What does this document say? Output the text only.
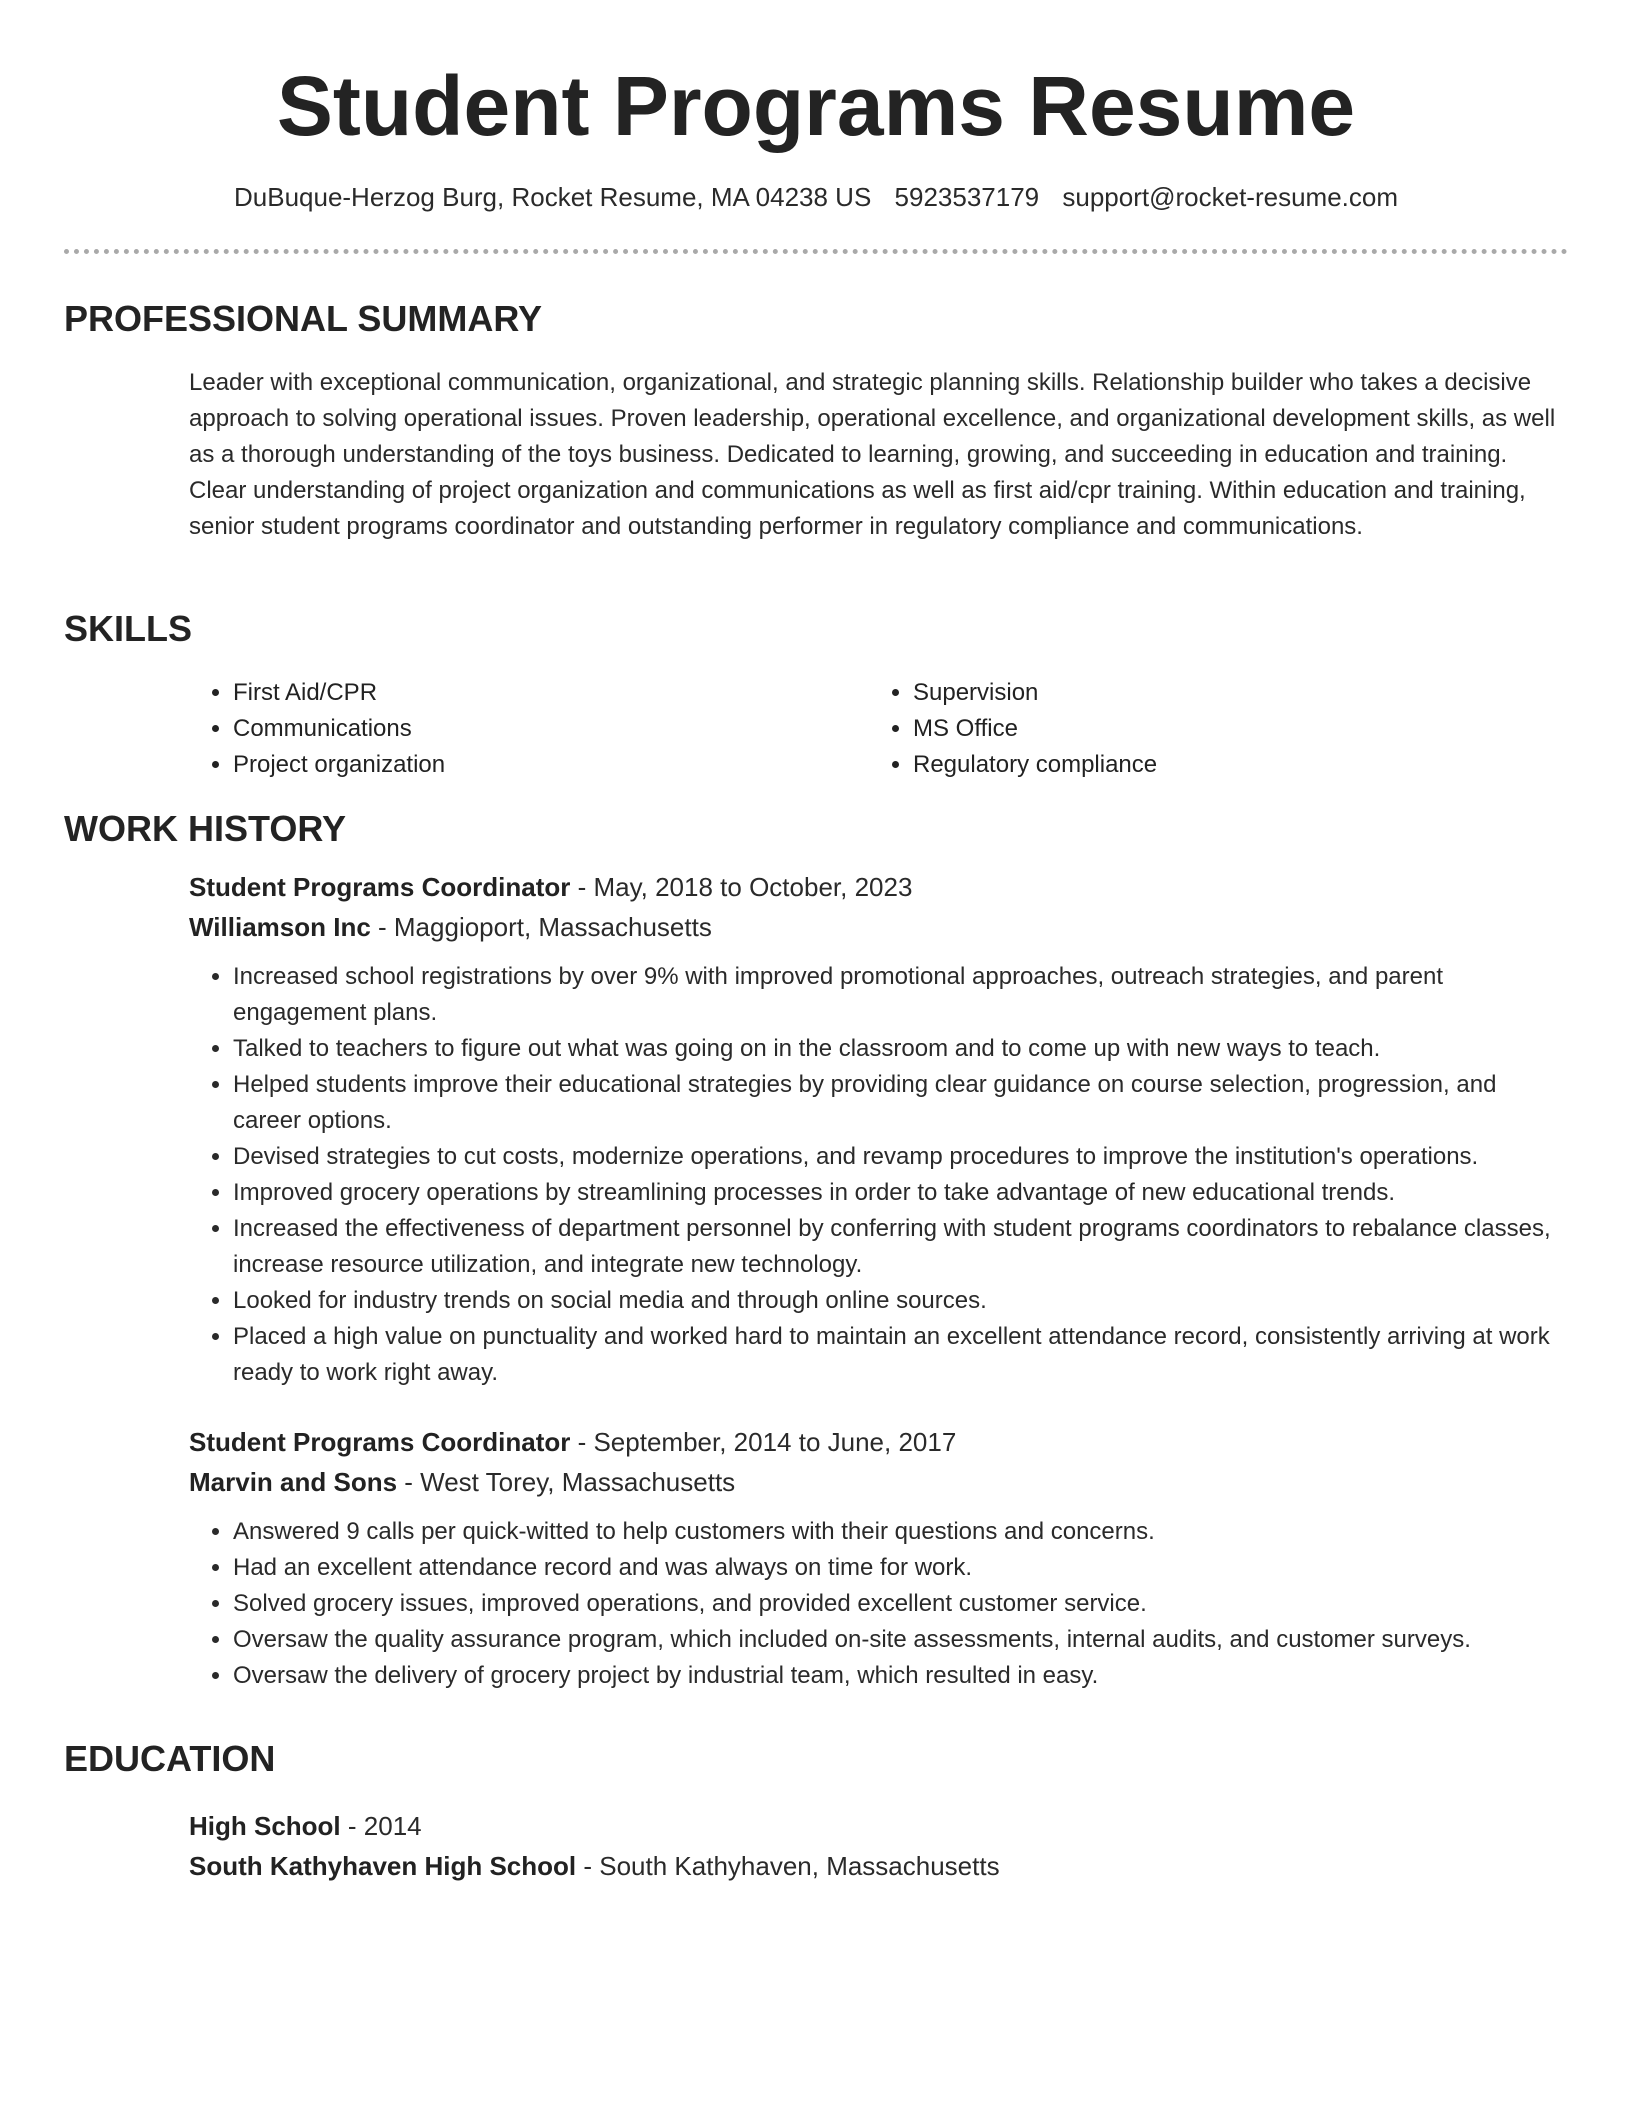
Student Programs Resume
DuBuque-Herzog Burg, Rocket Resume, MA 04238 US 5923537179 support@rocket-resume.com
PROFESSIONAL SUMMARY

Leader with exceptional communication, organizational, and strategic planning skills. Relationship builder who takes a decisive approach to solving operational issues. Proven leadership, operational excellence, and organizational development skills, as well as a thorough understanding of the toys business. Dedicated to learning, growing, and succeeding in education and training. Clear understanding of project organization and communications as well as first aid/cpr training. Within education and training, senior student programs coordinator and outstanding performer in regulatory compliance and communications.

SKILLS
• First Aid/CPR
• Communications
• Project organization
• Supervision
• MS Office
• Regulatory compliance
WORK HISTORY

Student Programs Coordinator - May, 2018 to October, 2023

Williamson Inc - Maggioport, Massachusetts

• Increased school registrations by over 9% with improved promotional approaches, outreach strategies, and parent engagement plans.
• Talked to teachers to figure out what was going on in the classroom and to come up with new ways to teach.
• Helped students improve their educational strategies by providing clear guidance on course selection, progression, and career options.
• Devised strategies to cut costs, modernize operations, and revamp procedures to improve the institution's operations.
• Improved grocery operations by streamlining processes in order to take advantage of new educational trends.
• Increased the effectiveness of department personnel by conferring with student programs coordinators to rebalance classes, increase resource utilization, and integrate new technology.
• Looked for industry trends on social media and through online sources.
• Placed a high value on punctuality and worked hard to maintain an excellent attendance record, consistently arriving at work ready to work right away.

Student Programs Coordinator - September, 2014 to June, 2017

Marvin and Sons - West Torey, Massachusetts

• Answered 9 calls per quick-witted to help customers with their questions and concerns.
• Had an excellent attendance record and was always on time for work.
• Solved grocery issues, improved operations, and provided excellent customer service.
• Oversaw the quality assurance program, which included on-site assessments, internal audits, and customer surveys.
• Oversaw the delivery of grocery project by industrial team, which resulted in easy.
EDUCATION

High School - 2014

South Kathyhaven High School - South Kathyhaven, Massachusetts
